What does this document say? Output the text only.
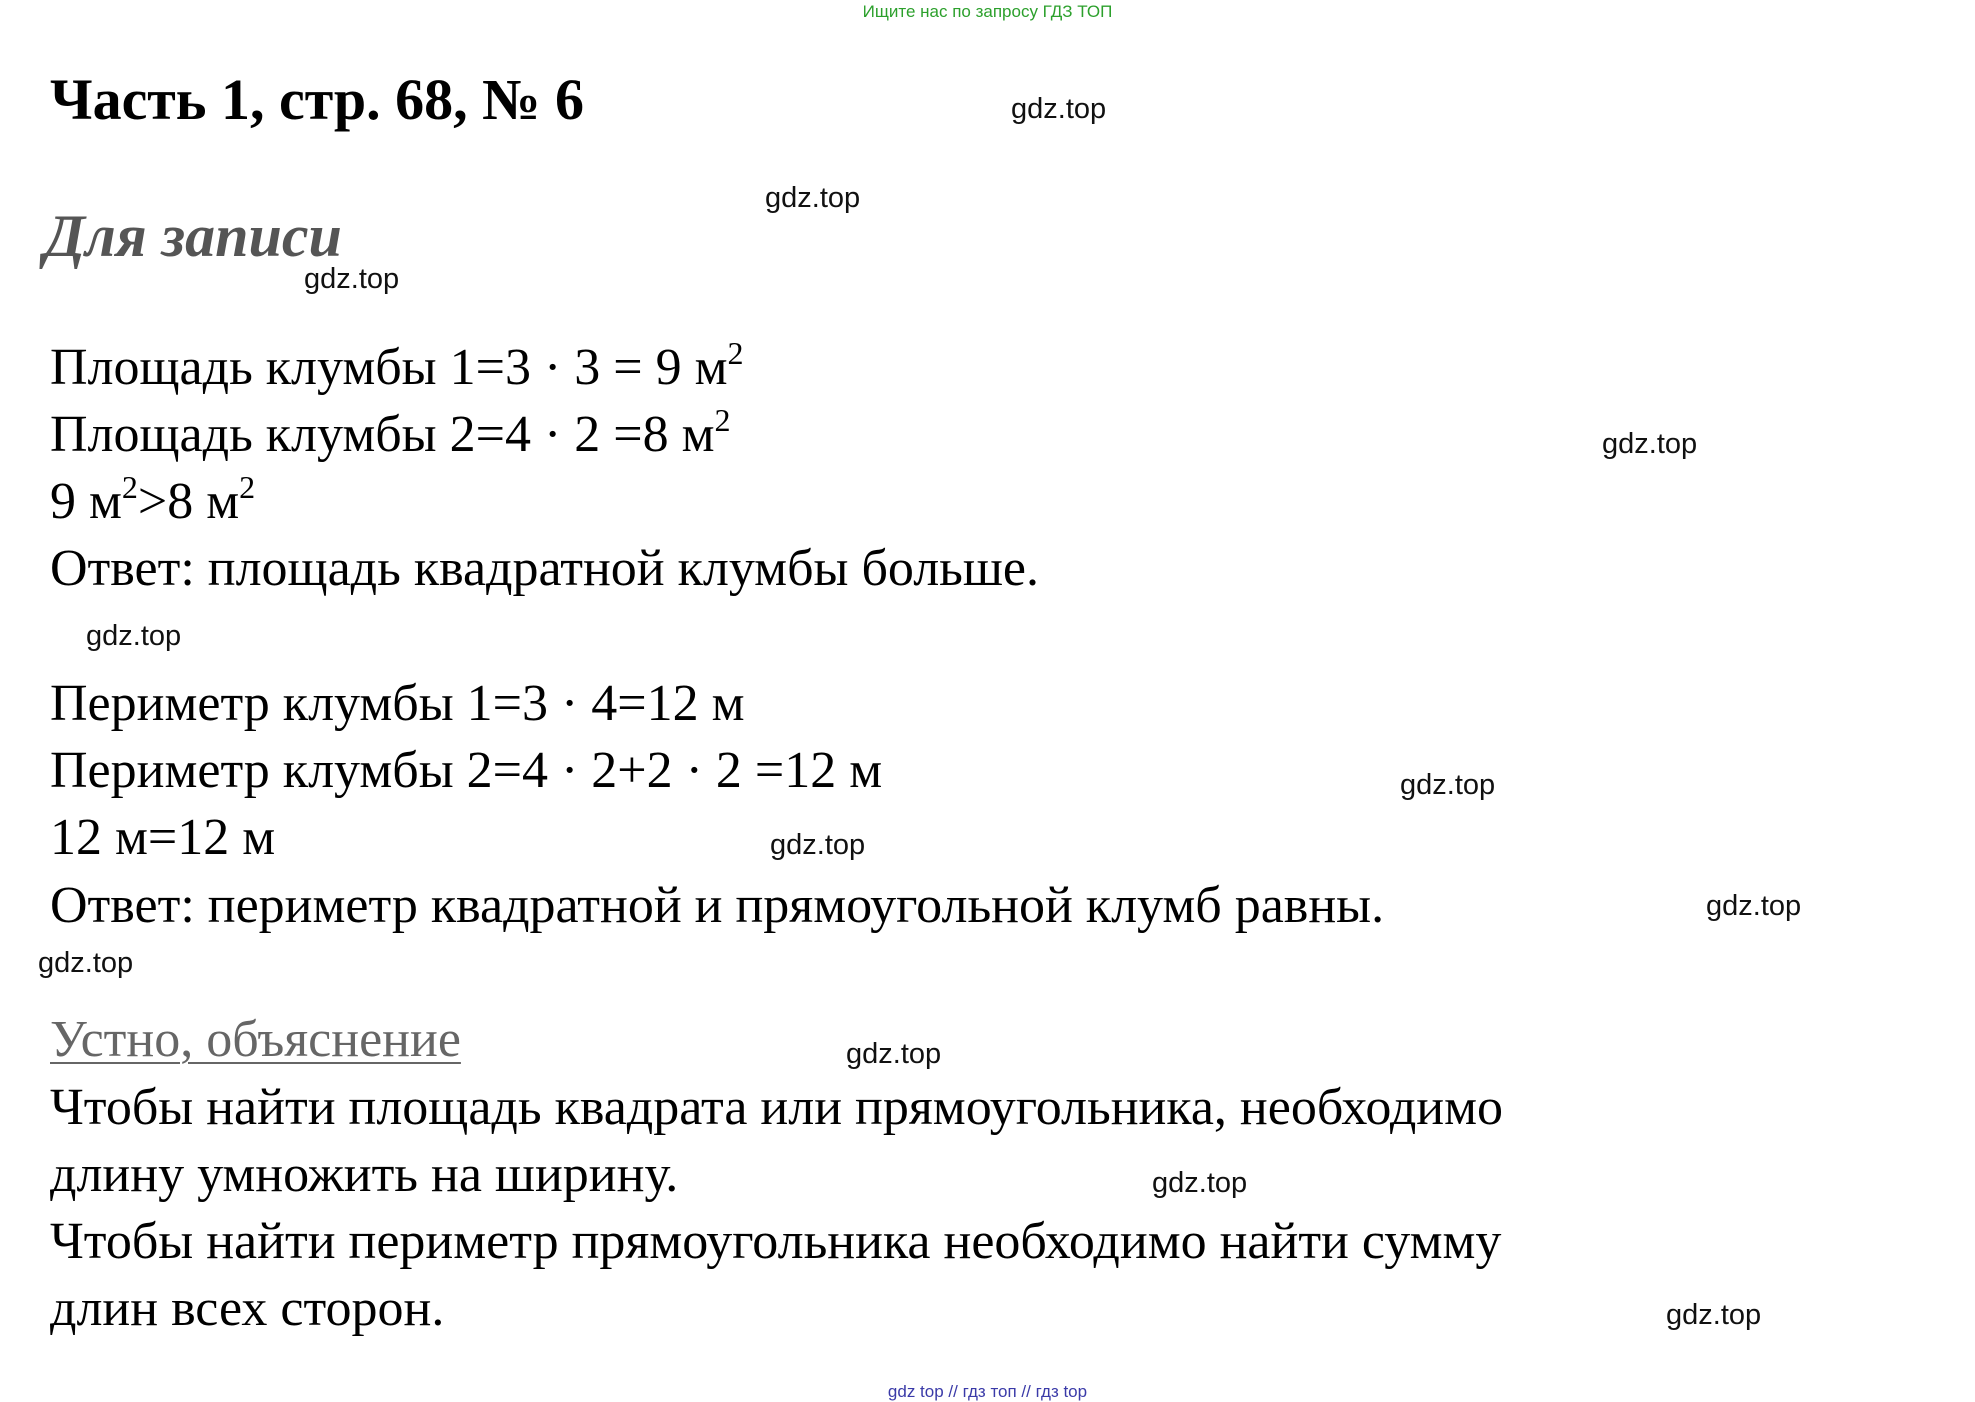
Ищите нас по запросу ГДЗ ТОП
Часть 1, стр. 68, № 6
Для записи
Площадь клумбы 1=3 · 3 = 9 $м^2$
Площадь клумбы 2=4 · 2 =8 $м^2$
9 $м^2>8$ $м^2$
Ответ: площадь квадратной клумбы больше.
Периметр клумбы 1=3 · 4=12 м
Периметр клумбы 2=4 · 2+2 · 2 =12 м
12 м=12 м
Ответ: периметр квадратной и прямоугольной клумб равны.
Устно, объяснение
Чтобы найти площадь квадрата или прямоугольника, необходимо
длину умножить на ширину.
Чтобы найти периметр прямоугольника необходимо найти сумму
длин всех сторон.
gdz.top
gdz.top
gdz.top
gdz.top
gdz.top
gdz.top
gdz.top
gdz.top
gdz.top
gdz.top
gdz.top
gdz.top
gdz top // гдз топ // гдз top
